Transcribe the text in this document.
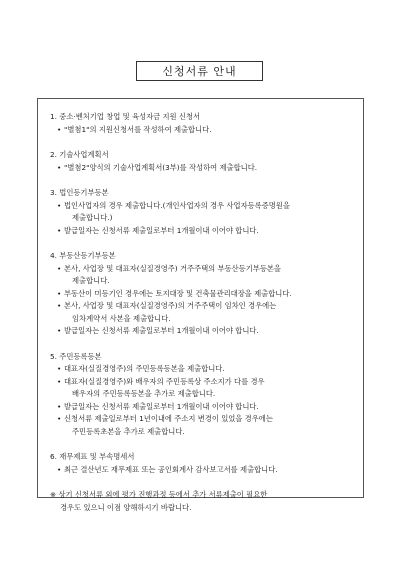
신청서류 안내
1. 중소·벤처기업 창업 및 육성자금 지원 신청서
• "별첨1"의 지원신청서를 작성하여 제출합니다.
2. 기술사업계획서
• "별첨2"양식의 기술사업계획서(3부)를 작성하여 제출합니다.
3. 법인등기부등본
• 법인사업자의 경우 제출합니다.(개인사업자의 경우 사업자등록증명원을
제출합니다.)
• 발급일자는 신청서류 제출일로부터 1개월이내 이어야 합니다.
4. 부동산등기부등본
• 본사, 사업장 및 대표자(실질경영주) 거주주택의 부동산등기부등본을
제출합니다.
• 부동산이 미등기인 경우에는 토지대장 및 건축물관리대장을 제출합니다.
• 본사, 사업장 및 대표자(실질경영주)의 거주주택이 임차인 경우에는
임차계약서 사본을 제출합니다.
• 발급일자는 신청서류 제출일로부터 1개월이내 이어야 합니다.
5. 주민등록등본
• 대표자(실질경영주)의 주민등록등본을 제출합니다.
• 대표자(실질경영주)와 배우자의 주민등록상 주소지가 다를 경우
배우자의 주민등록등본을 추가로 제출합니다.
• 발급일자는 신청서류 제출일로부터 1개월이내 이어야 합니다.
• 신청서류 제출일로부터 1년이내에 주소지 변경이 있었을 경우에는
주민등록초본을 추가로 제출합니다.
6. 재무제표 및 부속명세서
• 최근 결산년도 재무제표 또는 공인회계사 감사보고서를 제출합니다.
※ 상기 신청서류 외에 평가 진행과정 등에서 추가 서류제출이 필요한
경우도 있으니 이점 양해하시기 바랍니다.
